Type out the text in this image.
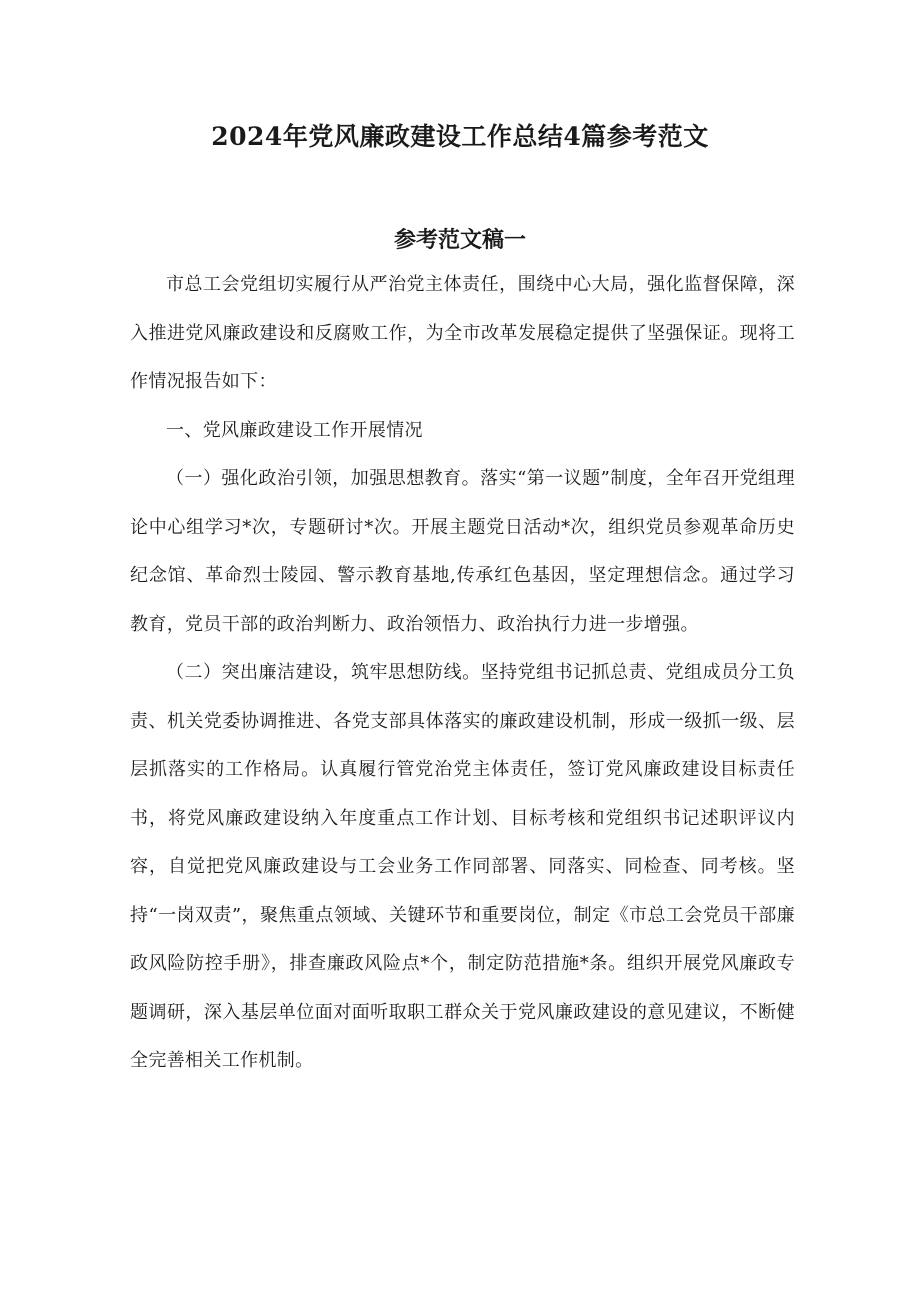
2024年党风廉政建设工作总结4篇参考范文
参考范文稿一

市总工会党组切实履行从严治党主体责任，围绕中心大局，强化监督保障，深入推进党风廉政建设和反腐败工作，为全市改革发展稳定提供了坚强保证。现将工作情况报告如下：

一、党风廉政建设工作开展情况

（一）强化政治引领，加强思想教育。落实“第一议题”制度，全年召开党组理论中心组学习*次，专题研讨*次。开展主题党日活动*次，组织党员参观革命历史纪念馆、革命烈士陵园、警示教育基地,传承红色基因，坚定理想信念。通过学习教育，党员干部的政治判断力、政治领悟力、政治执行力进一步增强。

（二）突出廉洁建设，筑牢思想防线。坚持党组书记抓总责、党组成员分工负责、机关党委协调推进、各党支部具体落实的廉政建设机制，形成一级抓一级、层层抓落实的工作格局。认真履行管党治党主体责任，签订党风廉政建设目标责任书，将党风廉政建设纳入年度重点工作计划、目标考核和党组织书记述职评议内容，自觉把党风廉政建设与工会业务工作同部署、同落实、同检查、同考核。坚持“一岗双责”，聚焦重点领域、关键环节和重要岗位，制定《市总工会党员干部廉政风险防控手册》，排查廉政风险点*个，制定防范措施*条。组织开展党风廉政专题调研，深入基层单位面对面听取职工群众关于党风廉政建设的意见建议，不断健全完善相关工作机制。
